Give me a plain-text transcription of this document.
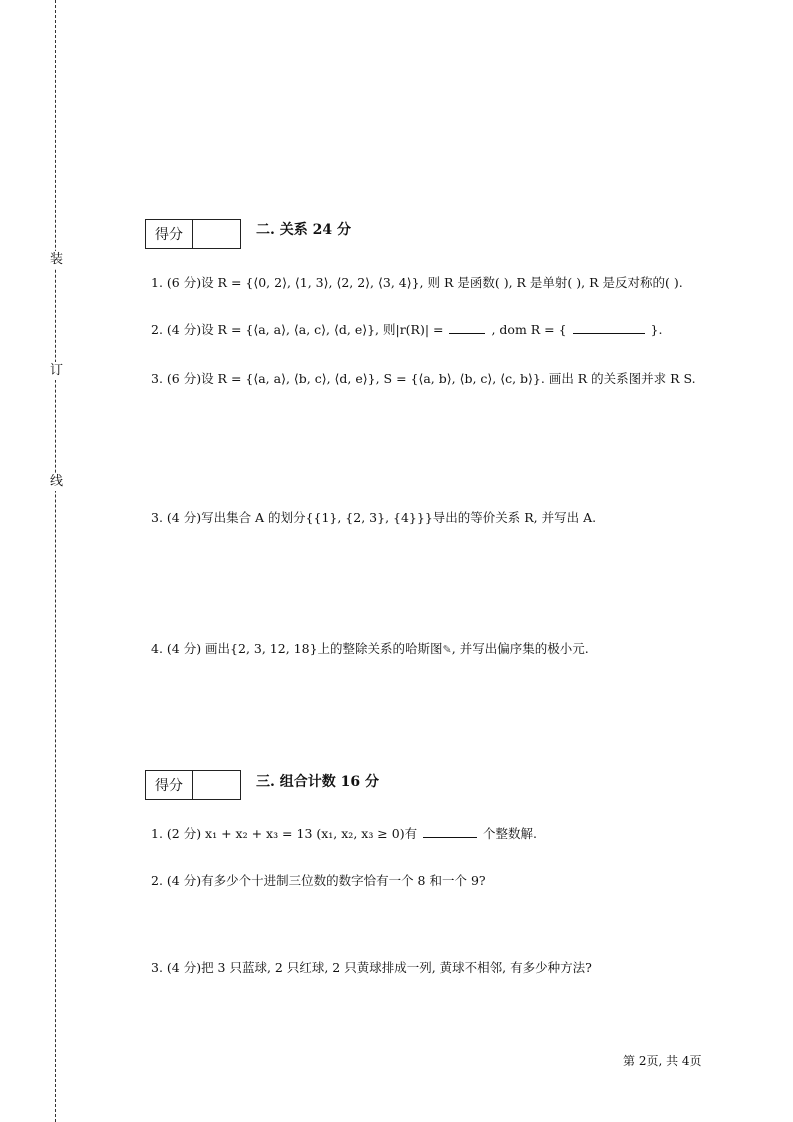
装
订
线
得分	二. 关系 24 分
1. (6 分)设 R = {⟨0, 2⟩, ⟨1, 3⟩, ⟨2, 2⟩, ⟨3, 4⟩}, 则 R 是函数( ), R 是单射( ), R 是反对称的( ).
2. (4 分)设 R = {⟨a, a⟩, ⟨a, c⟩, ⟨d, e⟩}, 则|r(R)| =	, dom R = {	}.
3. (6 分)设 R = {⟨a, a⟩, ⟨b, c⟩, ⟨d, e⟩}, S = {⟨a, b⟩, ⟨b, c⟩, ⟨c, b⟩}. 画出 R 的关系图并求 R S.
3. (4 分)写出集合 A 的划分{{1}, {2, 3}, {4}}}导出的等价关系 R, 并写出 A.
4. (4 分) 画出{2, 3, 12, 18}上的整除关系的哈斯图✎, 并写出偏序集的极小元.
得分	三. 组合计数 16 分
1. (2 分) x₁ + x₂ + x₃ = 13 (x₁, x₂, x₃ ≥ 0)有	个整数解.
2. (4 分)有多少个十进制三位数的数字恰有一个 8 和一个 9?
3. (4 分)把 3 只蓝球, 2 只红球, 2 只黄球排成一列, 黄球不相邻, 有多少种方法?
第 2页, 共 4页
